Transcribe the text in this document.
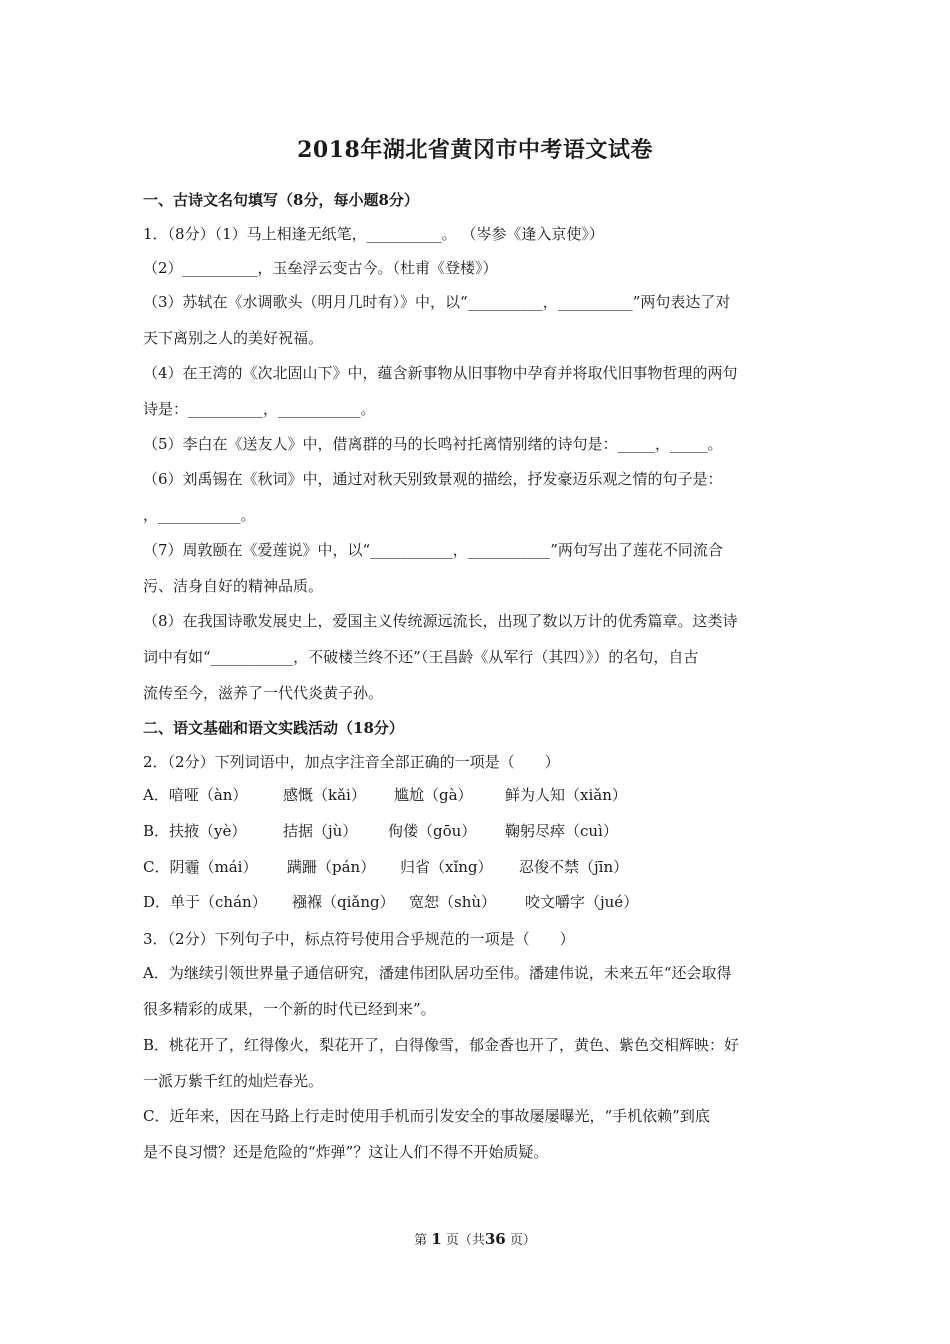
2018年湖北省黄冈市中考语文试卷
一、古诗文名句填写（8分，每小题8分）
1．（8分）（1）马上相逢无纸笔，__________。 （岑参《逢入京使》）
（2）__________，玉垒浮云变古今。（杜甫《登楼》）
（3）苏轼在《水调歌头（明月几时有）》中，以“__________，__________”两句表达了对
天下离别之人的美好祝福。
（4）在王湾的《次北固山下》中，蕴含新事物从旧事物中孕育并将取代旧事物哲理的两句
诗是：__________，___________。
（5）李白在《送友人》中，借离群的马的长鸣衬托离情别绪的诗句是：_____，_____。
（6）刘禹锡在《秋词》中，通过对秋天别致景观的描绘，抒发豪迈乐观之情的句子是：
，___________。
（7）周敦颐在《爱莲说》中，以“___________，___________”两句写出了莲花不同流合
污、洁身自好的精神品质。
（8）在我国诗歌发展史上，爱国主义传统源远流长，出现了数以万计的优秀篇章。这类诗
词中有如“___________，不破楼兰终不还”（王昌龄《从军行（其四）》）的名句，自古
流传至今，滋养了一代代炎黄子孙。
二、语文基础和语文实践活动（18分）
2．（2分）下列词语中，加点字注音全部正确的一项是（　　）
A．喑哑（àn） 感慨（kǎi） 尴尬（gà） 鲜为人知（xiǎn）
B．扶掖（yè） 拮据（jù） 佝偻（gōu） 鞠躬尽瘁（cuì）
C．阴霾（mái） 蹒跚（pán） 归省（xǐng） 忍俊不禁（jīn）
D．单于（chán） 襁褓（qiǎng） 宽恕（shù） 咬文嚼字（jué）
3．（2分）下列句子中，标点符号使用合乎规范的一项是（　　）
A．为继续引领世界量子通信研究，潘建伟团队居功至伟。潘建伟说，未来五年“还会取得
很多精彩的成果，一个新的时代已经到来”。
B．桃花开了，红得像火，梨花开了，白得像雪，郁金香也开了，黄色、紫色交相辉映：好
一派万紫千红的灿烂春光。
C．近年来，因在马路上行走时使用手机而引发安全的事故屡屡曝光，“手机依赖”到底
是不良习惯？还是危险的“炸弹”？这让人们不得不开始质疑。
第 1 页（共36 页）
